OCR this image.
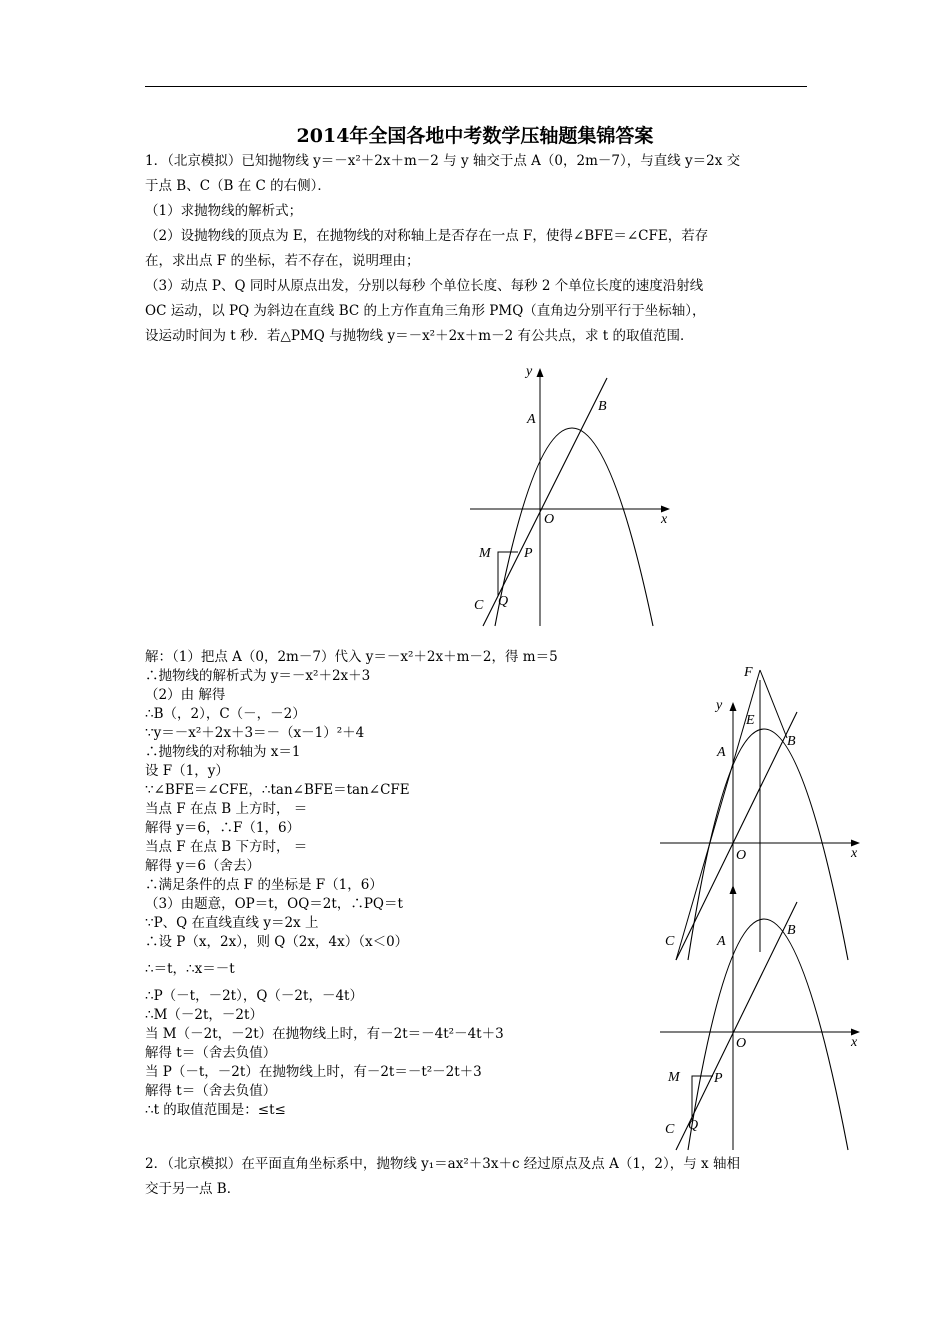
2014年全国各地中考数学压轴题集锦答案
1．（北京模拟）已知抛物线 y＝－x²＋2x＋m－2 与 y 轴交于点 A（0，2m－7），与直线 y＝2x 交
于点 B、C（B 在 C 的右侧）．
（1）求抛物线的解析式；
（2）设抛物线的顶点为 E，在抛物线的对称轴上是否存在一点 F，使得∠BFE＝∠CFE，若存
在，求出点 F 的坐标，若不存在，说明理由；
（3）动点 P、Q 同时从原点出发，分别以每秒 个单位长度、每秒 2 个单位长度的速度沿射线
OC 运动，以 PQ 为斜边在直线 BC 的上方作直角三角形 PMQ（直角边分别平行于坐标轴），
设运动时间为 t 秒．若△PMQ 与抛物线 y＝－x²＋2x＋m－2 有公共点，求 t 的取值范围．
y
x
O
A
B
C
M P
Q
解：（1）把点 A（0，2m－7）代入 y＝－x²＋2x＋m－2，得 m＝5
∴抛物线的解析式为 y＝－x²＋2x＋3
（2）由 解得
∴B（，2），C（－，－2）
∵y＝－x²＋2x＋3＝－（x－1）²＋4
∴抛物线的对称轴为 x＝1
设 F（1，y）
∵∠BFE＝∠CFE，∴tan∠BFE＝tan∠CFE
当点 F 在点 B 上方时， ＝
解得 y＝6，∴F（1，6）
当点 F 在点 B 下方时， ＝
解得 y＝6（舍去）
∴满足条件的点 F 的坐标是 F（1，6）
（3）由题意，OP＝t，OQ＝2t，∴PQ＝t
∵P、Q 在直线直线 y＝2x 上
∴设 P（x，2x），则 Q（2x，4x）（x＜0）
∴＝t，∴x＝－t
∴P（－t，－2t），Q（－2t，－4t）
∴M（－2t，－2t）
当 M（－2t，－2t）在抛物线上时，有－2t＝－4t²－4t＋3
解得 t＝（舍去负值）
当 P（－t，－2t）在抛物线上时，有－2t＝－t²－2t＋3
解得 t＝（舍去负值）
∴t 的取值范围是：≤t≤
F
y
E
A
B
O	x
C	A
B
O	x
M P
C Q
2．（北京模拟）在平面直角坐标系中，抛物线 y₁＝ax²＋3x＋c 经过原点及点 A（1，2），与 x 轴相
交于另一点 B．
